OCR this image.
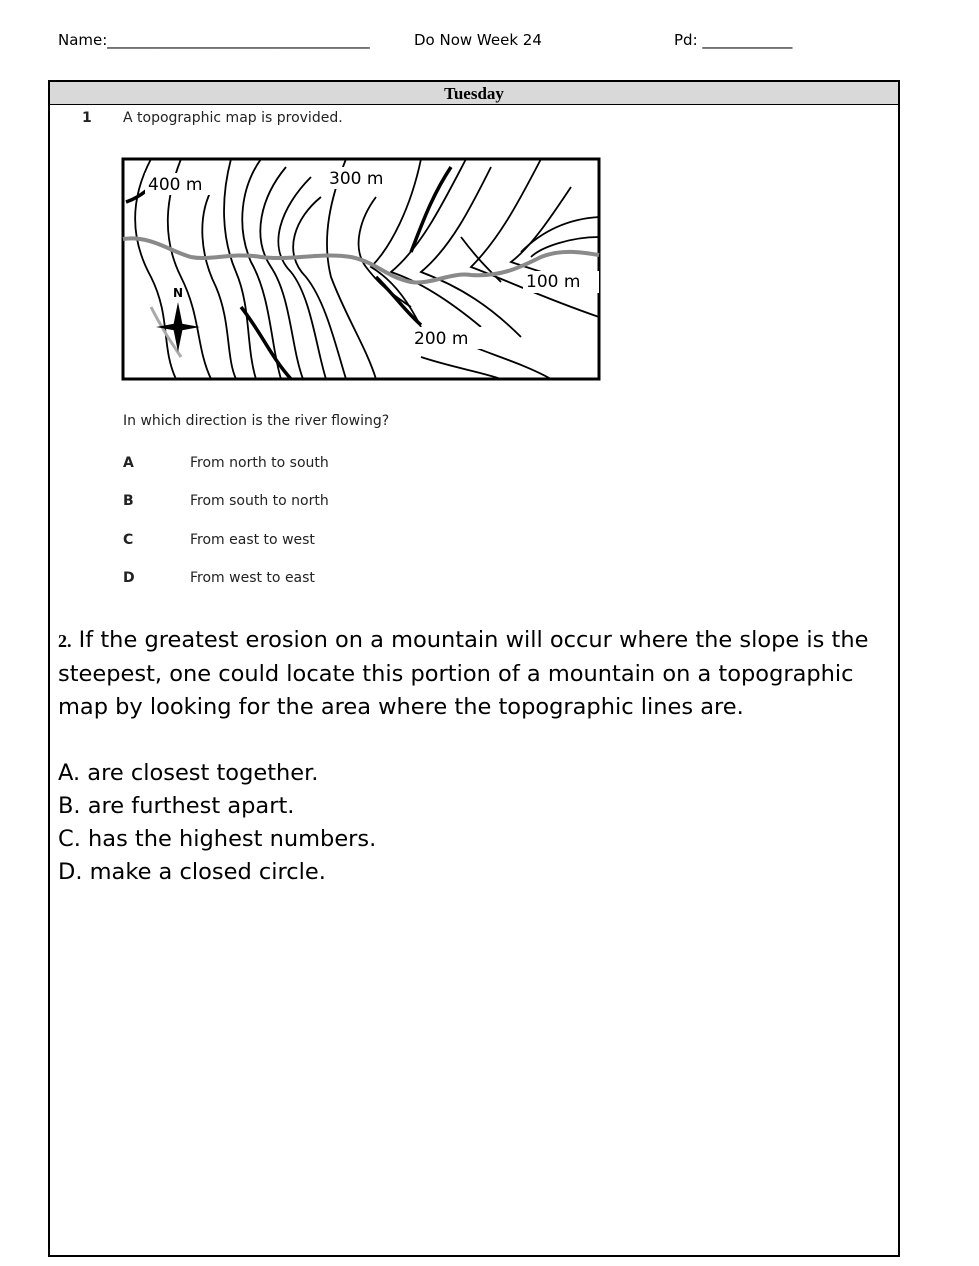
Name:___________________________________	Do Now Week 24	Pd: ____________
Tuesday
1 A topographic map is provided.
N
400 m	300 m
100 m
200 m
In which direction is the river flowing?
A	From north to south
B	From south to north
C	From east to west
D	From west to east
2. If the greatest erosion on a mountain will occur where the slope is the steepest, one could locate this portion of a mountain on a topographic map by looking for the area where the topographic lines are.
A. are closest together.
B. are furthest apart.
C. has the highest numbers.
D. make a closed circle.
